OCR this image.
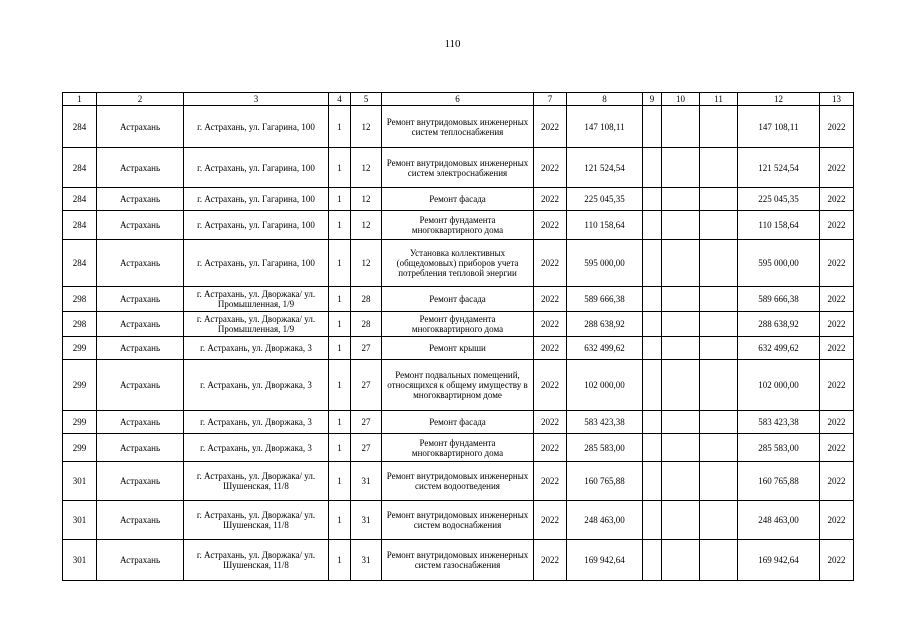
110
1	2	3	4	5	6	7	8	9	10	11	12	13
284	Астрахань	г. Астрахань, ул. Гагарина, 100	1	12	Ремонт внутридомовых инженерных систем теплоснабжения	2022	147 108,11				147 108,11	2022
284	Астрахань	г. Астрахань, ул. Гагарина, 100	1	12	Ремонт внутридомовых инженерных систем электроснабжения	2022	121 524,54				121 524,54	2022
284	Астрахань	г. Астрахань, ул. Гагарина, 100	1	12	Ремонт фасада	2022	225 045,35				225 045,35	2022
284	Астрахань	г. Астрахань, ул. Гагарина, 100	1	12	Ремонт фундамента многоквартирного дома	2022	110 158,64				110 158,64	2022
284	Астрахань	г. Астрахань, ул. Гагарина, 100	1	12	Установка коллективных (общедомовых) приборов учета потребления тепловой энергии	2022	595 000,00				595 000,00	2022
298	Астрахань	г. Астрахань, ул. Дворжака/ ул. Промышленная, 1/9	1	28	Ремонт фасада	2022	589 666,38				589 666,38	2022
298	Астрахань	г. Астрахань, ул. Дворжака/ ул. Промышленная, 1/9	1	28	Ремонт фундамента многоквартирного дома	2022	288 638,92				288 638,92	2022
299	Астрахань	г. Астрахань, ул. Дворжака, 3	1	27	Ремонт крыши	2022	632 499,62				632 499,62	2022
299	Астрахань	г. Астрахань, ул. Дворжака, 3	1	27	Ремонт подвальных помещений, относящихся к общему имуществу в многоквартирном доме	2022	102 000,00				102 000,00	2022
299	Астрахань	г. Астрахань, ул. Дворжака, 3	1	27	Ремонт фасада	2022	583 423,38				583 423,38	2022
299	Астрахань	г. Астрахань, ул. Дворжака, 3	1	27	Ремонт фундамента многоквартирного дома	2022	285 583,00				285 583,00	2022
301	Астрахань	г. Астрахань, ул. Дворжака/ ул. Шушенская, 11/8	1	31	Ремонт внутридомовых инженерных систем водоотведения	2022	160 765,88				160 765,88	2022
301	Астрахань	г. Астрахань, ул. Дворжака/ ул. Шушенская, 11/8	1	31	Ремонт внутридомовых инженерных систем водоснабжения	2022	248 463,00				248 463,00	2022
301	Астрахань	г. Астрахань, ул. Дворжака/ ул. Шушенская, 11/8	1	31	Ремонт внутридомовых инженерных систем газоснабжения	2022	169 942,64				169 942,64	2022
